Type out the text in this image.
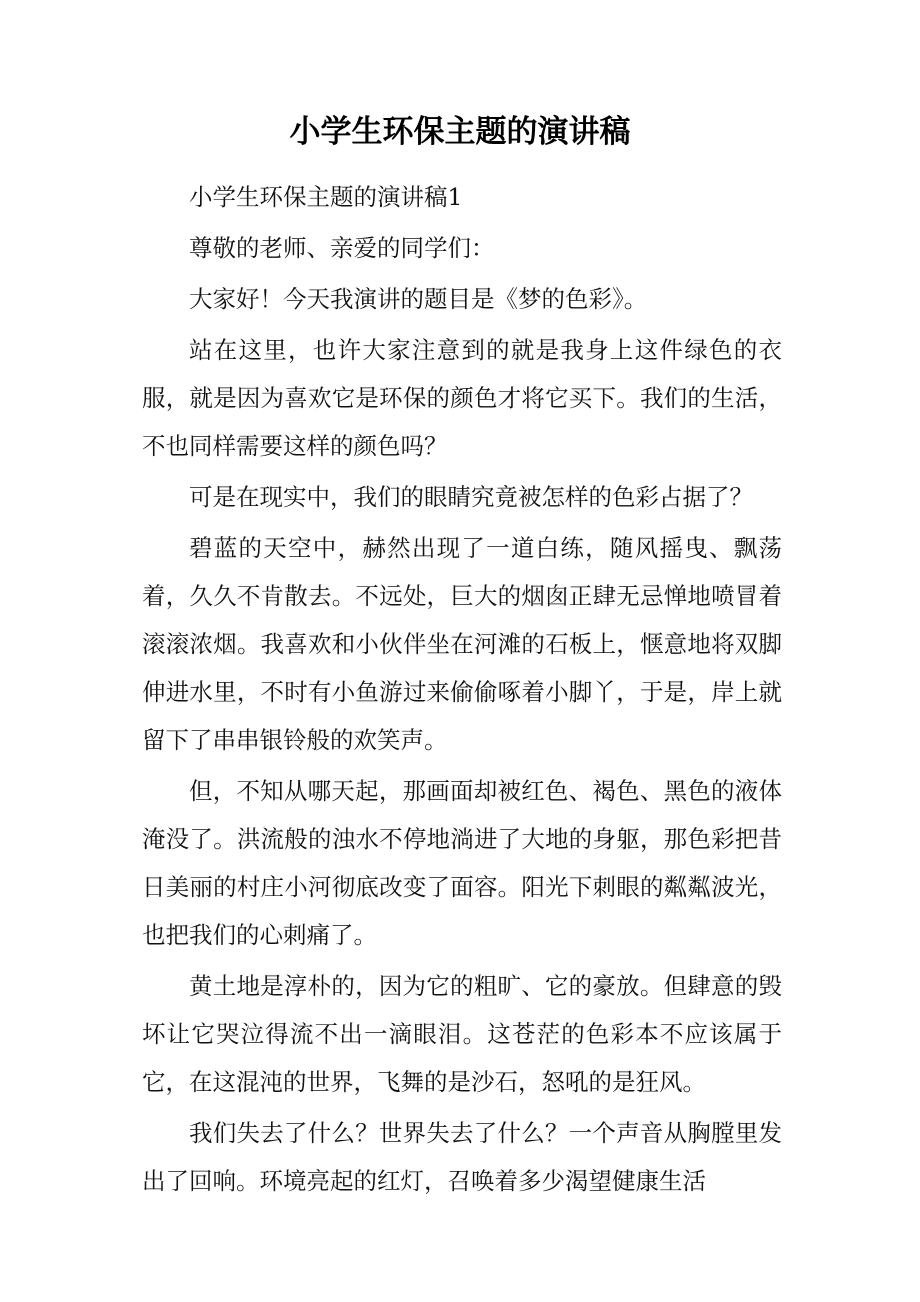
小学生环保主题的演讲稿

小学生环保主题的演讲稿1

尊敬的老师、亲爱的同学们：

大家好！今天我演讲的题目是《梦的色彩》。

站在这里，也许大家注意到的就是我身上这件绿色的衣服，就是因为喜欢它是环保的颜色才将它买下。我们的生活，不也同样需要这样的颜色吗？

可是在现实中，我们的眼睛究竟被怎样的色彩占据了？

碧蓝的天空中，赫然出现了一道白练，随风摇曳、飘荡着，久久不肯散去。不远处，巨大的烟囱正肆无忌惮地喷冒着滚滚浓烟。我喜欢和小伙伴坐在河滩的石板上，惬意地将双脚伸进水里，不时有小鱼游过来偷偷啄着小脚丫，于是，岸上就留下了串串银铃般的欢笑声。

但，不知从哪天起，那画面却被红色、褐色、黑色的液体淹没了。洪流般的浊水不停地淌进了大地的身躯，那色彩把昔日美丽的村庄小河彻底改变了面容。阳光下刺眼的粼粼波光，也把我们的心刺痛了。

黄土地是淳朴的，因为它的粗旷、它的豪放。但肆意的毁坏让它哭泣得流不出一滴眼泪。这苍茫的色彩本不应该属于它，在这混沌的世界，飞舞的是沙石，怒吼的是狂风。

我们失去了什么？世界失去了什么？一个声音从胸膛里发出了回响。环境亮起的红灯，召唤着多少渴望健康生活
